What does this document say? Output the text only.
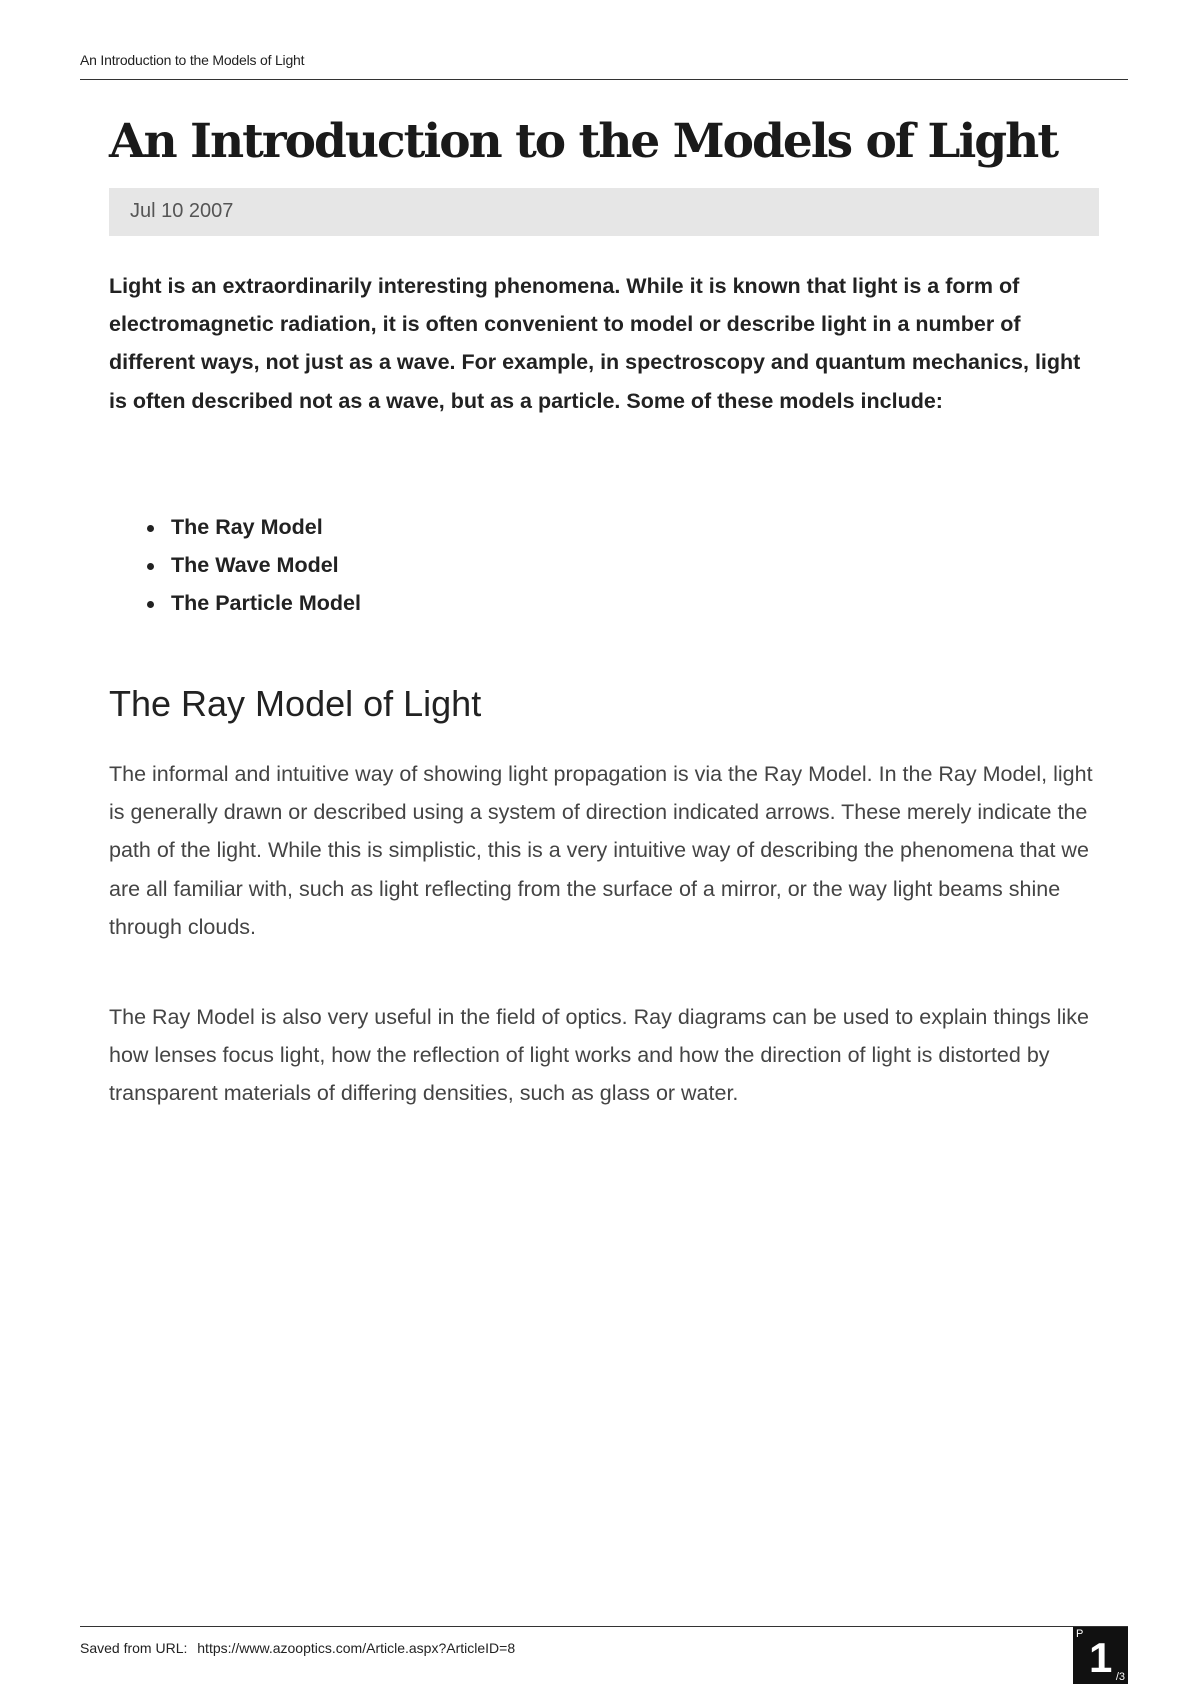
An Introduction to the Models of Light
An Introduction to the Models of Light
Jul 10 2007

Light is an extraordinarily interesting phenomena. While it is known that light is a form of electromagnetic radiation, it is often convenient to model or describe light in a number of different ways, not just as a wave. For example, in spectroscopy and quantum mechanics, light is often described not as a wave, but as a particle. Some of these models include:

The Ray Model
The Wave Model
The Particle Model
The Ray Model of Light

The informal and intuitive way of showing light propagation is via the Ray Model. In the Ray Model, light is generally drawn or described using a system of direction indicated arrows. These merely indicate the path of the light. While this is simplistic, this is a very intuitive way of describing the phenomena that we are all familiar with, such as light reflecting from the surface of a mirror, or the way light beams shine through clouds.

The Ray Model is also very useful in the field of optics. Ray diagrams can be used to explain things like how lenses focus light, how the reflection of light works and how the direction of light is distorted by transparent materials of differing densities, such as glass or water.

Saved from URL: https://www.azooptics.com/Article.aspx?ArticleID=8
P 1 /3
